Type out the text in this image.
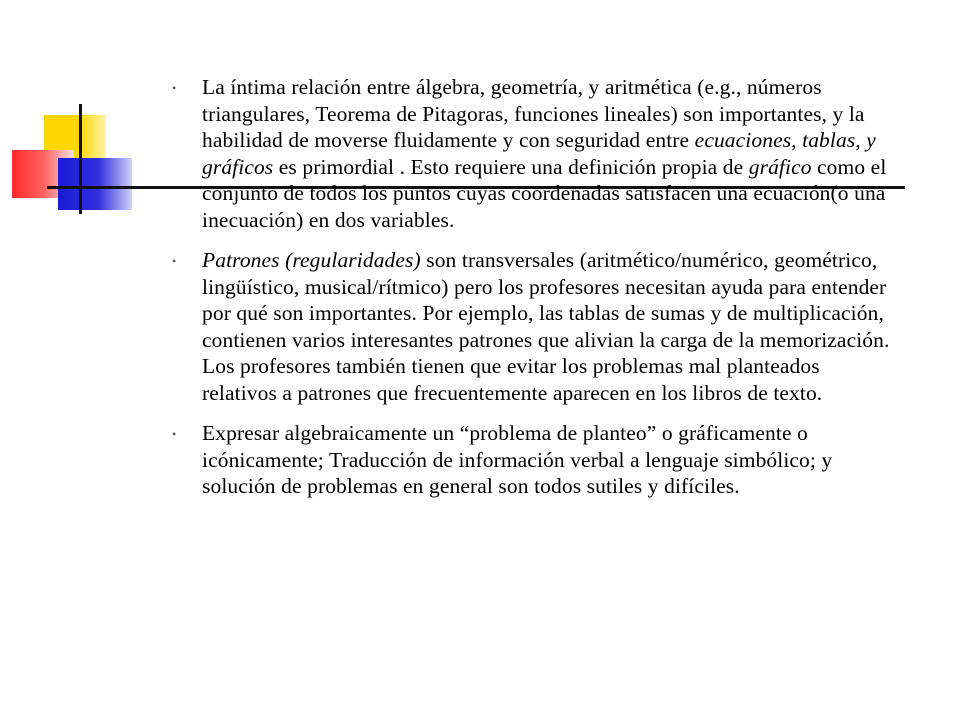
• La íntima relación entre álgebra, geometría, y aritmética (e.g., números triangulares, Teorema de Pitagoras, funciones lineales) son importantes, y la habilidad de moverse fluidamente y con seguridad entre ecuaciones, tablas, y gráficos es primordial . Esto requiere una definición propia de gráfico como el conjunto de todos los puntos cuyas coordenadas satisfacen una ecuación(o una inecuación) en dos variables.
• Patrones (regularidades) son transversales (aritmético/numérico, geométrico, lingüístico, musical/rítmico) pero los profesores necesitan ayuda para entender por qué son importantes. Por ejemplo, las tablas de sumas y de multiplicación, contienen varios interesantes patrones que alivian la carga de la memorización. Los profesores también tienen que evitar los problemas mal planteados relativos a patrones que frecuentemente aparecen en los libros de texto.
• Expresar algebraicamente un “problema de planteo” o gráficamente o icónicamente; Traducción de información verbal a lenguaje simbólico; y solución de problemas en general son todos sutiles y difíciles.
